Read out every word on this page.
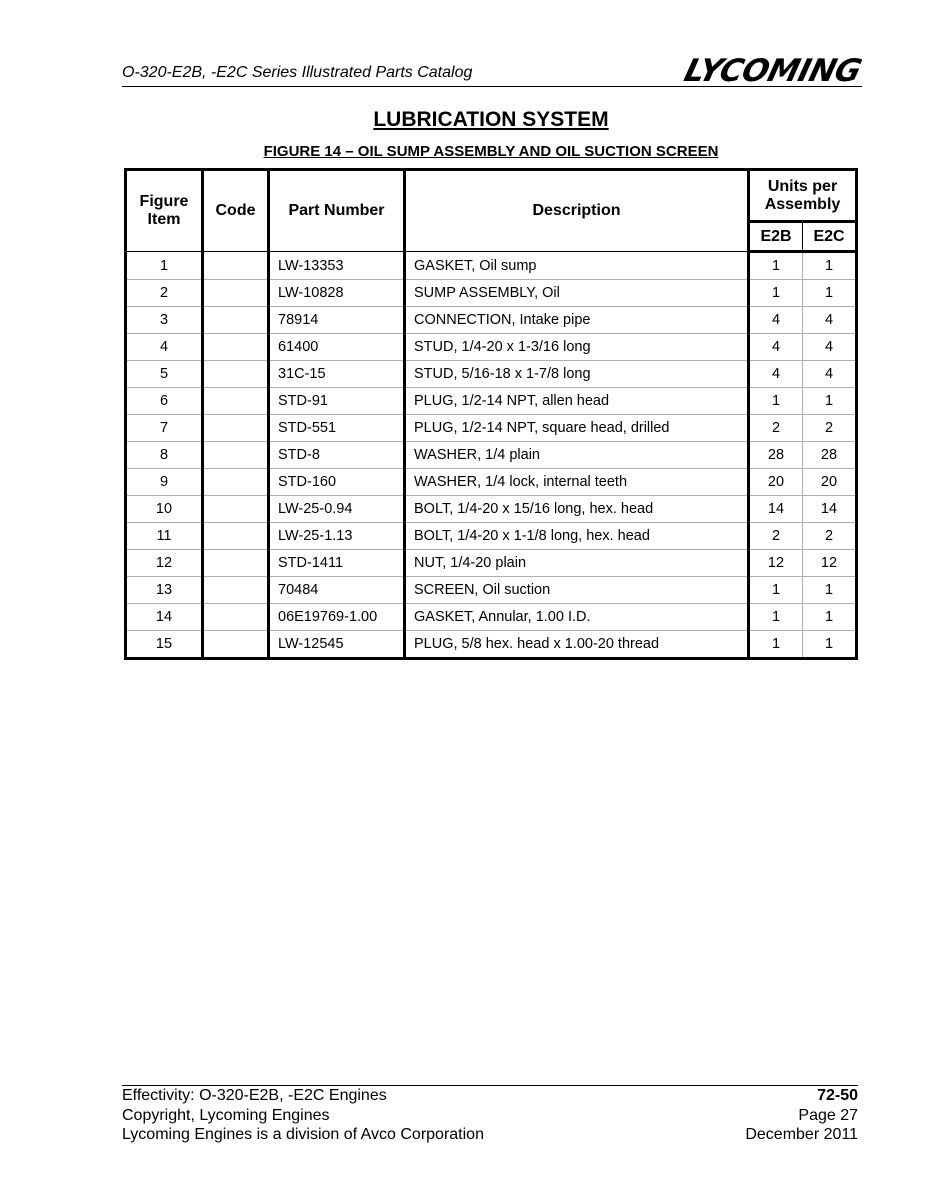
O-320-E2B, -E2C Series Illustrated Parts Catalog	LYCOMING
LUBRICATION SYSTEM
FIGURE 14 – OIL SUMP ASSEMBLY AND OIL SUCTION SCREEN
Figure Item	Code	Part Number	Description	Units per Assembly	
				E2B	E2C
1		LW-13353	GASKET, Oil sump	1	1
2		LW-10828	SUMP ASSEMBLY, Oil	1	1
3		78914	CONNECTION, Intake pipe	4	4
4		61400	STUD, 1/4-20 x 1-3/16 long	4	4
5		31C-15	STUD, 5/16-18 x 1-7/8 long	4	4
6		STD-91	PLUG, 1/2-14 NPT, allen head	1	1
7		STD-551	PLUG, 1/2-14 NPT, square head, drilled	2	2
8		STD-8	WASHER, 1/4 plain	28	28
9		STD-160	WASHER, 1/4 lock, internal teeth	20	20
10		LW-25-0.94	BOLT, 1/4-20 x 15/16 long, hex. head	14	14
11		LW-25-1.13	BOLT, 1/4-20 x 1-1/8 long, hex. head	2	2
12		STD-1411	NUT, 1/4-20 plain	12	12
13		70484	SCREEN, Oil suction	1	1
14		06E19769-1.00	GASKET, Annular, 1.00 I.D.	1	1
15		LW-12545	PLUG, 5/8 hex. head x 1.00-20 thread	1	1
Effectivity: O-320-E2B, -E2C Engines	72-50
Copyright, Lycoming Engines	Page 27
Lycoming Engines is a division of Avco Corporation	December 2011
